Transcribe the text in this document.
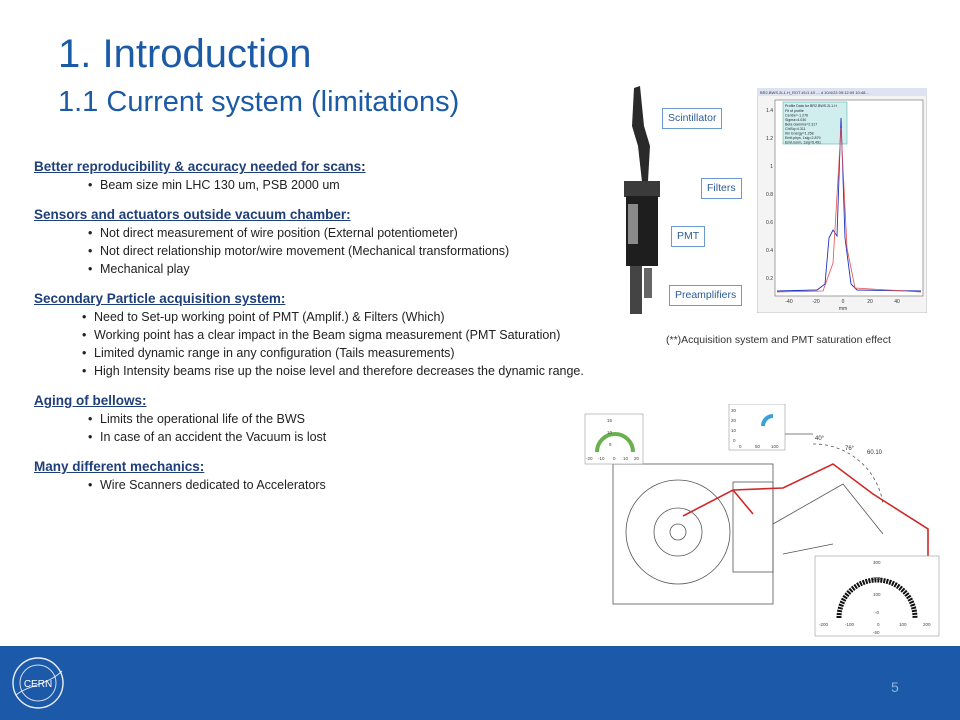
1. Introduction
1.1 Current system (limitations)
Better reproducibility & accuracy needed for scans:
• Beam size min LHC 130 um, PSB 2000 um
Sensors and actuators outside vacuum chamber:
• Not direct measurement of wire position (External potentiometer)
• Not direct relationship motor/wire movement (Mechanical transformations)
• Mechanical play
Secondary Particle acquisition system:
• Need to Set-up working point of PMT (Amplif.) & Filters (Which)
• Working point has a clear impact in the Beam sigma measurement (PMT Saturation)
• Limited dynamic range in any configuration (Tails measurements)
• High Intensity beams rise up the noise level and therefore decreases the dynamic range.
Aging of bellows:
• Limits the operational life of the BWS
• In case of an accident the Vacuum is lost
Many different mechanics:
• Wire Scanners dedicated to Accelerators
Scintillator
Filters
PMT
Preamplifiers
BR2.BWS.2L1.H_ROT #1/1 4X ... d 10/4/23 09:12:09 10:48...
Profile Data for BR2.BWS.2L1.H
Fit of profile
Centre=-1.276
Sigma=4.030
Beta Gamma=2.317
ChiSq=4.311
Kin Energy=1.258
Emit.phys, 1sig=2.879
Emit.norm, 1sig=6.491
1.4
1.2
1
0.8
0.6
0.4
0.2
-40	-20	0	20	40
mm
(**)Acquisition system and PMT saturation effect
40°
76°
60.10
15
10
5
-20 -10 0 10 20
30
20
10
0
0	50 100
300
200
100
-0
-50
-200	-100	0	100	200
CERN	5
